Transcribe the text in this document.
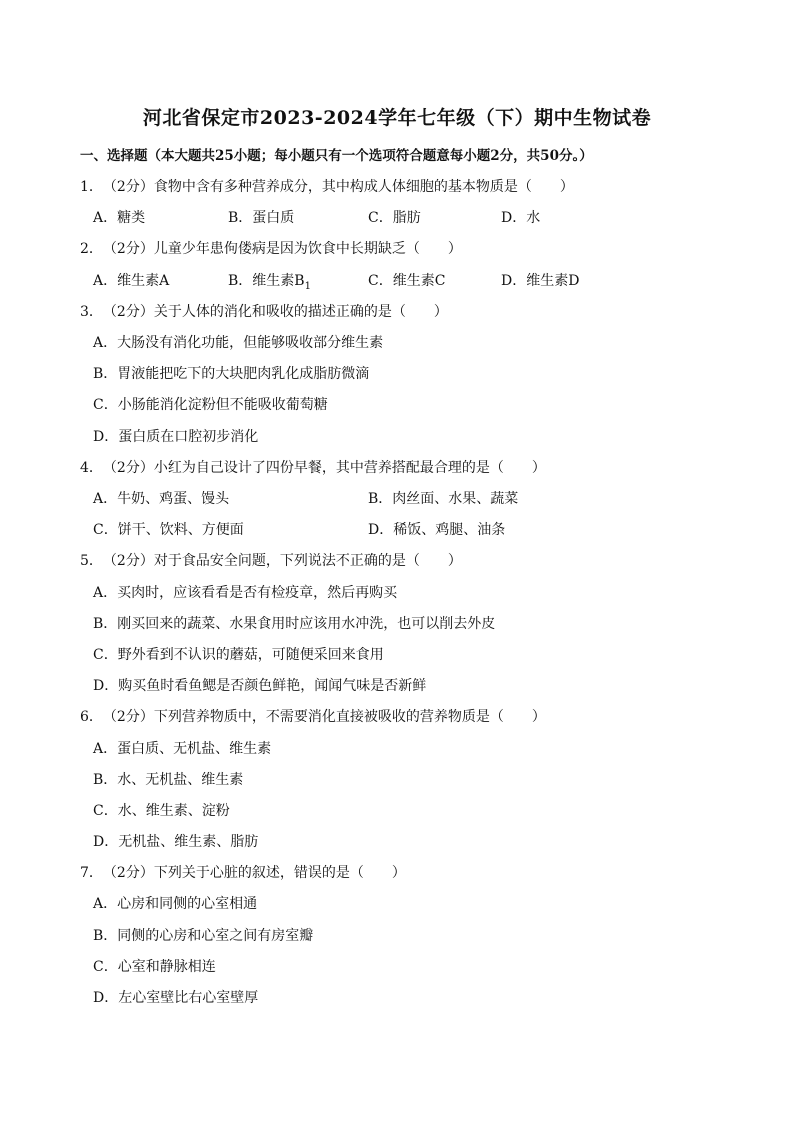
河北省保定市2023-2024学年七年级（下）期中生物试卷
一、选择题（本大题共25小题；每小题只有一个选项符合题意每小题2分，共50分。）
1．（2分）食物中含有多种营养成分，其中构成人体细胞的基本物质是（　　）
A．糖类	B．蛋白质	C．脂肪	D．水
2．（2分）儿童少年患佝偻病是因为饮食中长期缺乏（　　）
A．维生素A	B．维生素$B_1$	C．维生素C	D．维生素D
3．（2分）关于人体的消化和吸收的描述正确的是（　　）
A．大肠没有消化功能，但能够吸收部分维生素
B．胃液能把吃下的大块肥肉乳化成脂肪微滴
C．小肠能消化淀粉但不能吸收葡萄糖
D．蛋白质在口腔初步消化
4．（2分）小红为自己设计了四份早餐，其中营养搭配最合理的是（　　）
A．牛奶、鸡蛋、馒头	B．肉丝面、水果、蔬菜
C．饼干、饮料、方便面	D．稀饭、鸡腿、油条
5．（2分）对于食品安全问题，下列说法不正确的是（　　）
A．买肉时，应该看看是否有检疫章，然后再购买
B．刚买回来的蔬菜、水果食用时应该用水冲洗，也可以削去外皮
C．野外看到不认识的蘑菇，可随便采回来食用
D．购买鱼时看鱼鳃是否颜色鲜艳，闻闻气味是否新鲜
6．（2分）下列营养物质中，不需要消化直接被吸收的营养物质是（　　）
A．蛋白质、无机盐、维生素
B．水、无机盐、维生素
C．水、维生素、淀粉
D．无机盐、维生素、脂肪
7．（2分）下列关于心脏的叙述，错误的是（　　）
A．心房和同侧的心室相通
B．同侧的心房和心室之间有房室瓣
C．心室和静脉相连
D．左心室壁比右心室壁厚
